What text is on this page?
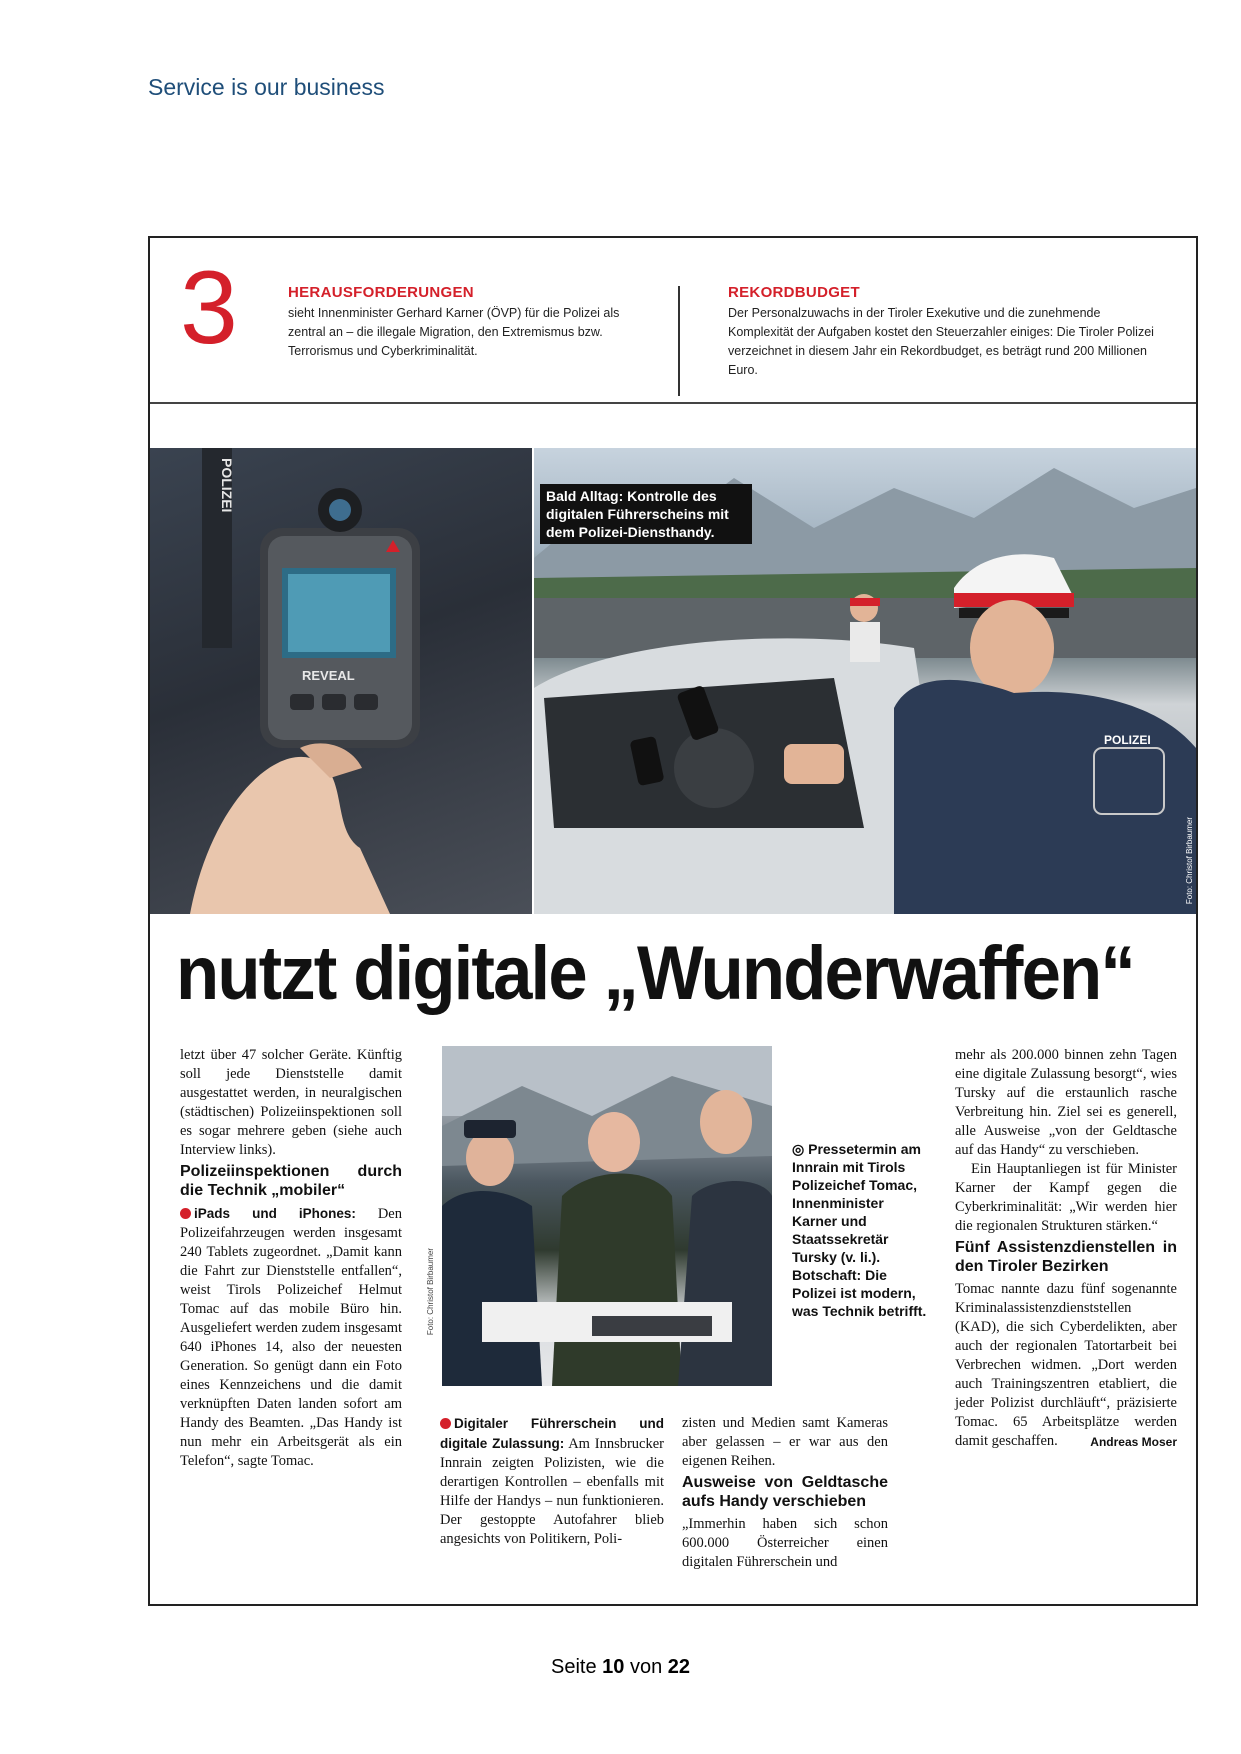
Service is our business
3	HERAUSFORDERUNGEN
sieht Innenminister Gerhard Karner (ÖVP) für die Polizei als zentral an – die illegale Migration, den Extremismus bzw. Terrorismus und Cyberkriminalität.
REKORDBUDGET
Der Personalzuwachs in der Tiroler Exekutive und die zunehmende Komplexität der Aufgaben kostet den Steuerzahler einiges: Die Tiroler Polizei verzeichnet in diesem Jahr ein Rekordbudget, es beträgt rund 200 Millionen Euro.
POLIZEI
REVEAL
POLIZEI
Bald Alltag: Kontrolle des digitalen Führerscheins mit dem Polizei-Diensthandy.
Foto: Christof Birbaumer
nutzt digitale „Wunderwaffen“

letzt über 47 solcher Geräte. Künftig soll jede Dienststelle damit ausgestattet werden, in neuralgischen (städtischen) Polizeiinspektionen soll es sogar mehrere geben (siehe auch Interview links).

Polizeiinspektionen durch die Technik „mobiler“

iPads und iPhones: Den Polizeifahrzeugen werden insgesamt 240 Tablets zugeordnet. „Damit kann die Fahrt zur Dienststelle entfallen“, weist Tirols Polizeichef Helmut Tomac auf das mobile Büro hin. Ausgeliefert werden zudem insgesamt 640 iPhones 14, also der neuesten Generation. So genügt dann ein Foto eines Kennzeichens und die damit verknüpften Daten landen sofort am Handy des Beamten. „Das Handy ist nun mehr ein Arbeitsgerät als ein Telefon“, sagte Tomac.

Foto: Christof Birbaumer
◎ Pressetermin am Innrain mit Tirols Polizeichef Tomac, Innenminister Karner und Staatssekretär Tursky (v. li.). Botschaft: Die Polizei ist modern, was Technik betrifft.

Digitaler Führerschein und digitale Zulassung: Am Innsbrucker Innrain zeigten Polizisten, wie die derartigen Kontrollen – ebenfalls mit Hilfe der Handys – nun funktionieren. Der gestoppte Autofahrer blieb angesichts von Politikern, Poli-

zisten und Medien samt Kameras aber gelassen – er war aus den eigenen Reihen.

Ausweise von Geldtasche aufs Handy verschieben

„Immerhin haben sich schon 600.000 Österreicher einen digitalen Führerschein und

mehr als 200.000 binnen zehn Tagen eine digitale Zulassung besorgt“, wies Tursky auf die erstaunlich rasche Verbreitung hin. Ziel sei es generell, alle Ausweise „von der Geldtasche auf das Handy“ zu verschieben.

Ein Hauptanliegen ist für Minister Karner der Kampf gegen die Cyberkriminalität: „Wir werden hier die regionalen Strukturen stärken.“

Fünf Assistenzdienstellen in den Tiroler Bezirken

Tomac nannte dazu fünf sogenannte Kriminalassistenzdienststellen (KAD), die sich Cyberdelikten, aber auch der regionalen Tatortarbeit bei Verbrechen widmen. „Dort werden auch Trainingszentren etabliert, die jeder Polizist durchläuft“, präzisierte Tomac. 65 Arbeitsplätze werden damit geschaffen.	Andreas Moser

Seite 10 von 22
